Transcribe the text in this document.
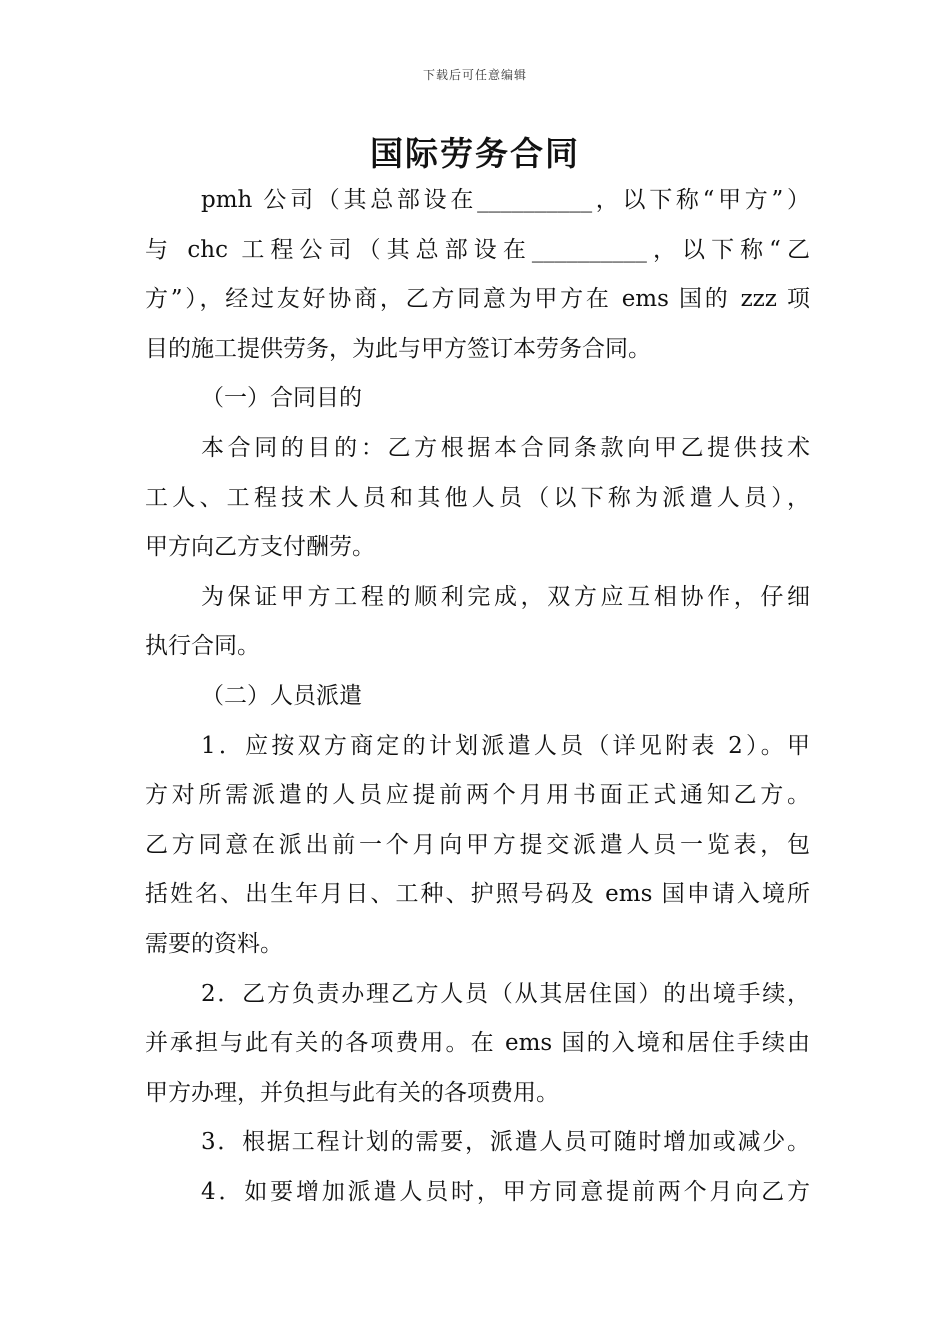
下载后可任意编辑
国际劳务合同
pmh 公司（其总部设在__________，以下称“甲方”）
与 chc 工程公司（其总部设在__________，以下称“乙
方”），经过友好协商，乙方同意为甲方在 ems 国的 zzz 项
目的施工提供劳务，为此与甲方签订本劳务合同。
（一）合同目的
本合同的目的：乙方根据本合同条款向甲乙提供技术
工人、工程技术人员和其他人员（以下称为派遣人员），
甲方向乙方支付酬劳。
为保证甲方工程的顺利完成，双方应互相协作，仔细
执行合同。
（二）人员派遣
1．应按双方商定的计划派遣人员（详见附表 2）。甲
方对所需派遣的人员应提前两个月用书面正式通知乙方。
乙方同意在派出前一个月向甲方提交派遣人员一览表，包
括姓名、出生年月日、工种、护照号码及 ems 国申请入境所
需要的资料。
2．乙方负责办理乙方人员（从其居住国）的出境手续，
并承担与此有关的各项费用。在 ems 国的入境和居住手续由
甲方办理，并负担与此有关的各项费用。
3．根据工程计划的需要，派遣人员可随时增加或减少。
4．如要增加派遣人员时，甲方同意提前两个月向乙方
